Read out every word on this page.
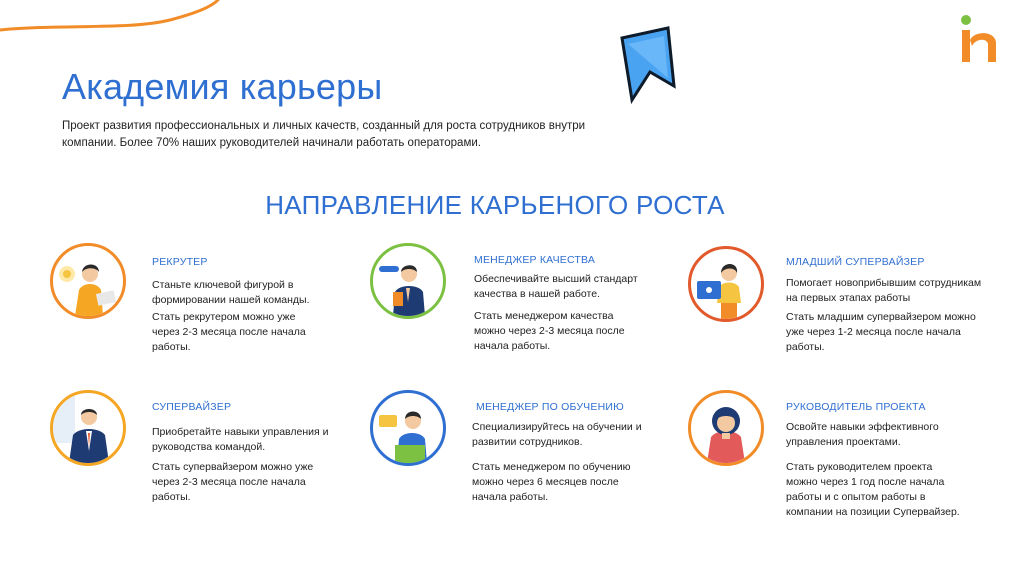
Академия карьеры

Проект развития профессиональных и личных качеств, созданный для роста сотрудников внутри компании. Более 70% наших руководителей начинали работать операторами.

НАПРАВЛЕНИЕ КАРЬЕНОГО РОСТА
РЕКРУТЕР

Станьте ключевой фигурой в формировании нашей команды.

Стать рекрутером можно уже через 2-3 месяца после начала работы.

МЕНЕДЖЕР КАЧЕСТВА

Обеспечивайте высший стандарт качества в нашей работе.

Стать менеджером качества можно через 2-3 месяца после начала работы.

МЛАДШИЙ СУПЕРВАЙЗЕР

Помогает новоприбывшим сотрудникам на первых этапах работы

Стать младшим супервайзером можно уже через 1-2 месяца после начала работы.

СУПЕРВАЙЗЕР

Приобретайте навыки управления и руководства командой.

Стать супервайзером можно уже через 2-3 месяца после начала работы.

МЕНЕДЖЕР ПО ОБУЧЕНИЮ

Специализируйтесь на обучении и развитии сотрудников.

Стать менеджером по обучению можно через 6 месяцев после начала работы.

РУКОВОДИТЕЛЬ ПРОЕКТА

Освойте навыки эффективного управления проектами.

Стать руководителем проекта можно через 1 год после начала работы и с опытом работы в компании на позиции Супервайзер.
